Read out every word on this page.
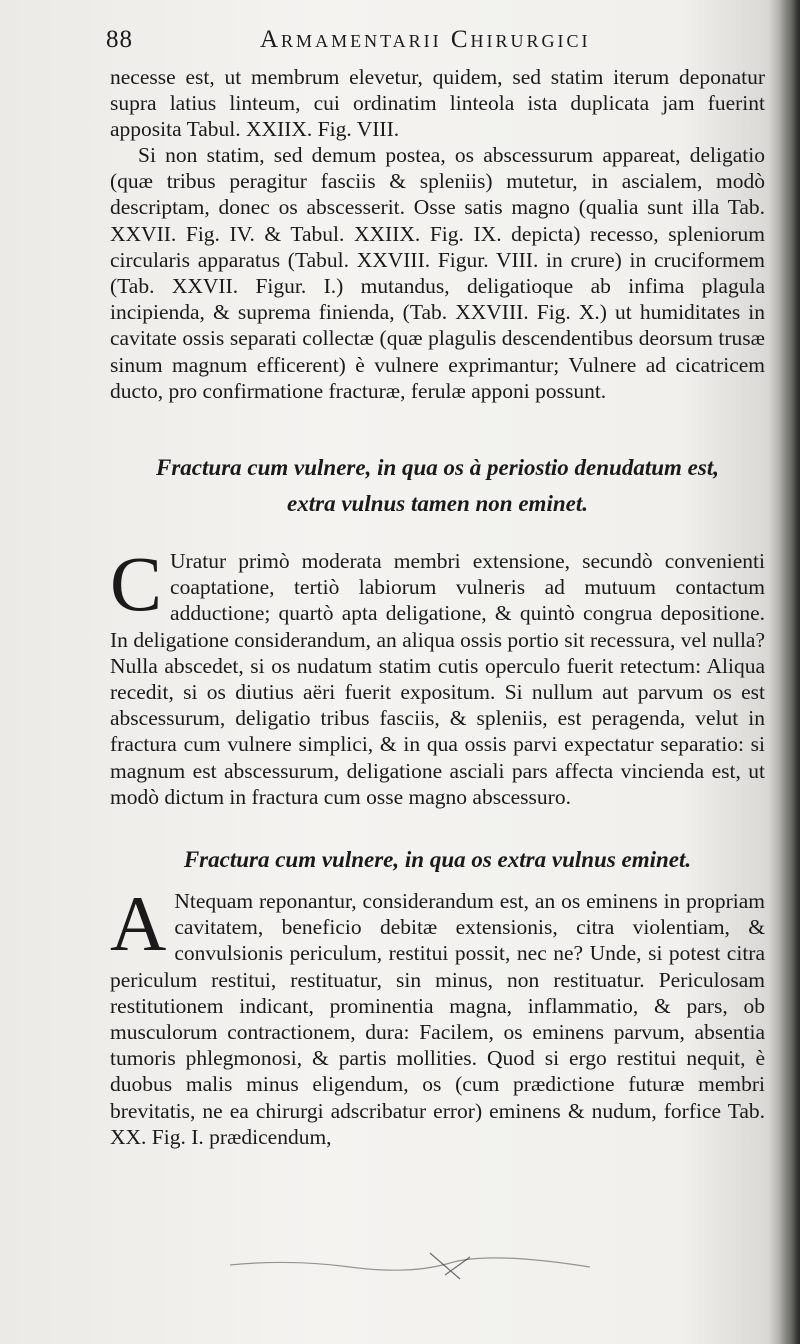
88	Armamentarii Chirurgici

necesse est, ut membrum elevetur, quidem, sed statim iterum deponatur supra latius linteum, cui ordinatim linteola ista duplicata jam fuerint apposita Tabul. XXIIX. Fig. VIII.

Si non statim, sed demum postea, os abscessurum appareat, deligatio (quæ tribus peragitur fasciis & spleniis) mutetur, in ascialem, modò descriptam, donec os abscesserit. Osse satis magno (qualia sunt illa Tab. XXVII. Fig. IV. & Tabul. XXIIX. Fig. IX. depicta) recesso, spleniorum circularis apparatus (Tabul. XXVIII. Figur. VIII. in crure) in cruciformem (Tab. XXVII. Figur. I.) mutandus, deligatioque ab infima plagula incipienda, & suprema finienda, (Tab. XXVIII. Fig. X.) ut humiditates in cavitate ossis separati collectæ (quæ plagulis descendentibus deorsum trusæ sinum magnum efficerent) è vulnere exprimantur; Vulnere ad cicatricem ducto, pro confirmatione fracturæ, ferulæ apponi possunt.

Fractura cum vulnere, in qua os à periostio denudatum est,
extra vulnus tamen non eminet.
C Uratur primò moderata membri extensione, secundò convenienti coaptatione, tertiò labiorum vulneris ad mutuum contactum adductione; quartò apta deligatione, & quintò congrua depositione. In deligatione considerandum, an aliqua ossis portio sit recessura, vel nulla? Nulla abscedet, si os nudatum statim cutis operculo fuerit retectum: Aliqua recedit, si os diutius aëri fuerit expositum. Si nullum aut parvum os est abscessurum, deligatio tribus fasciis, & spleniis, est peragenda, velut in fractura cum vulnere simplici, & in qua ossis parvi expectatur separatio: si magnum est abscessurum, deligatione asciali pars affecta vincienda est, ut modò dictum in fractura cum osse magno abscessuro.

Fractura cum vulnere, in qua os extra vulnus eminet.
A Ntequam reponantur, considerandum est, an os eminens in propriam cavitatem, beneficio debitæ extensionis, citra violentiam, & convulsionis periculum, restitui possit, nec ne? Unde, si potest citra periculum restitui, restituatur, sin minus, non restituatur. Periculosam restitutionem indicant, prominentia magna, inflammatio, & pars, ob musculorum contractionem, dura: Facilem, os eminens parvum, absentia tumoris phlegmonosi, & partis mollities. Quod si ergo restitui nequit, è duobus malis minus eligendum, os (cum prædictione futuræ membri brevitatis, ne ea chirurgi adscribatur error) eminens & nudum, forfice Tab. XX. Fig. I. prædicendum,
